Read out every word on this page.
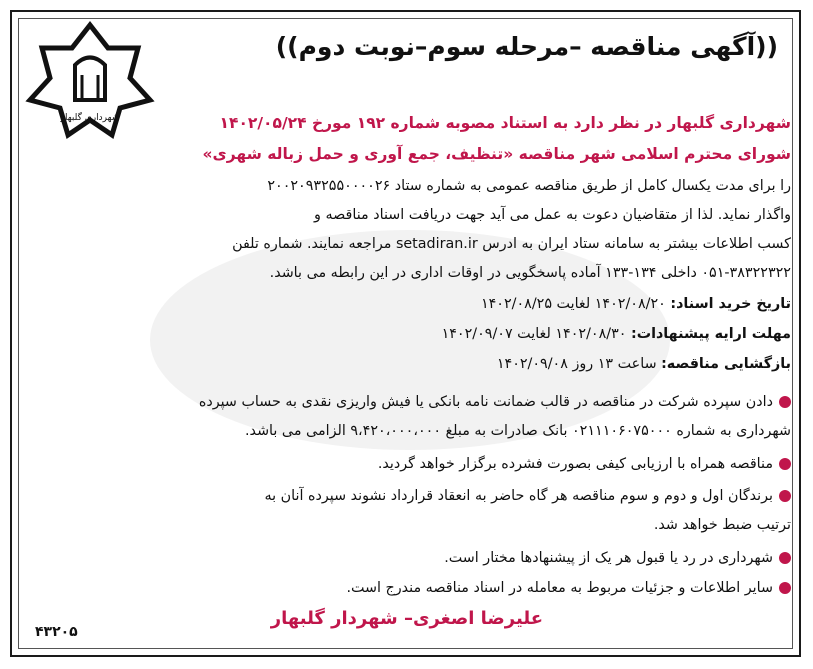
شهرداری گلبهار
((آگهی مناقصه –مرحله سوم–نوبت دوم))
شهرداری گلبهار در نظر دارد به استناد مصوبه شماره ۱۹۲ مورخ ۱۴۰۲/۰۵/۲۴
شورای محترم اسلامی شهر مناقصه «تنظیف، جمع آوری و حمل زباله شهری»
را برای مدت یکسال کامل از طریق مناقصه عمومی به شماره ستاد ۲۰۰۲۰۹۳۲۵۵۰۰۰۰۲۶
واگذار نماید. لذا از متقاضیان دعوت به عمل می آید جهت دریافت اسناد مناقصه و
کسب اطلاعات بیشتر به سامانه ستاد ایران به ادرس setadiran.ir مراجعه نمایند. شماره تلفن
۰۵۱-۳۸۳۲۲۳۲۲ داخلی ۱۳۴-۱۳۳ آماده پاسخگویی در اوقات اداری در این رابطه می باشد.
تاریخ خرید اسناد: ۱۴۰۲/۰۸/۲۰ لغایت ۱۴۰۲/۰۸/۲۵
مهلت ارایه پیشنهادات: ۱۴۰۲/۰۸/۳۰ لغایت ۱۴۰۲/۰۹/۰۷
بازگشایی مناقصه: ساعت ۱۳ روز ۱۴۰۲/۰۹/۰۸
دادن سپرده شرکت در مناقصه در قالب ضمانت نامه بانکی یا فیش واریزی نقدی به حساب سپرده
شهرداری به شماره ۰۲۱۱۱۰۶۰۷۵۰۰۰ بانک صادرات به مبلغ ۹،۴۲۰،۰۰۰،۰۰۰ الزامی می باشد.
مناقصه همراه با ارزیابی کیفی بصورت فشرده برگزار خواهد گردید.
برندگان اول و دوم و سوم مناقصه هر گاه حاضر به انعقاد قرارداد نشوند سپرده آنان به
ترتیب ضبط خواهد شد.
شهرداری در رد یا قبول هر یک از پیشنهادها مختار است.
سایر اطلاعات و جزئیات مربوط به معامله در اسناد مناقصه مندرج است.
علیرضا اصغری– شهردار گلبهار
۴۳۲۰۵
